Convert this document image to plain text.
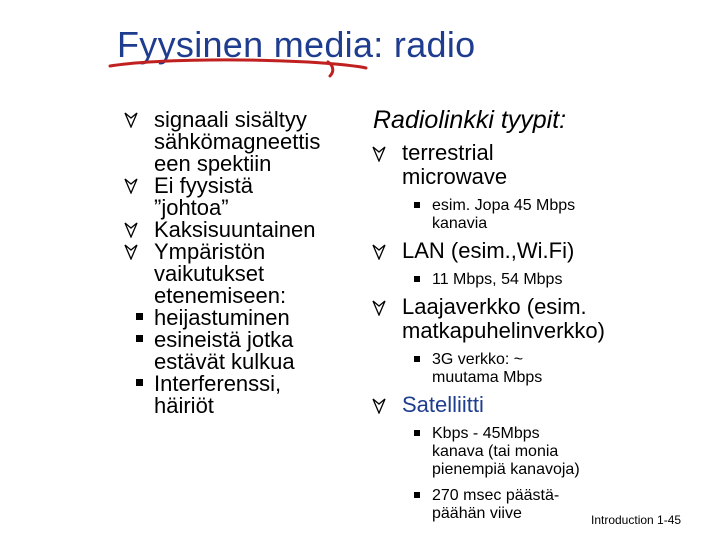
Fyysinen media: radio
signaali sisältyy
sähkömagneettis
een spektiin
Ei fyysistä
”johtoa”
Kaksisuuntainen
Ympäristön
vaikutukset
etenemiseen:
heijastuminen
esineistä jotka
estävät kulkua
Interferenssi,
häiriöt
Radiolinkki tyypit:
terrestrial
microwave
esim. Jopa 45 Mbps
kanavia
LAN (esim.,Wi.Fi)
11 Mbps, 54 Mbps
Laajaverkko (esim.
matkapuhelinverkko)
3G verkko: ~
muutama Mbps
Satelliitti
Kbps - 45Mbps
kanava (tai monia
pienempiä kanavoja)
270 msec päästä-
päähän viive	Introduction 1-45
